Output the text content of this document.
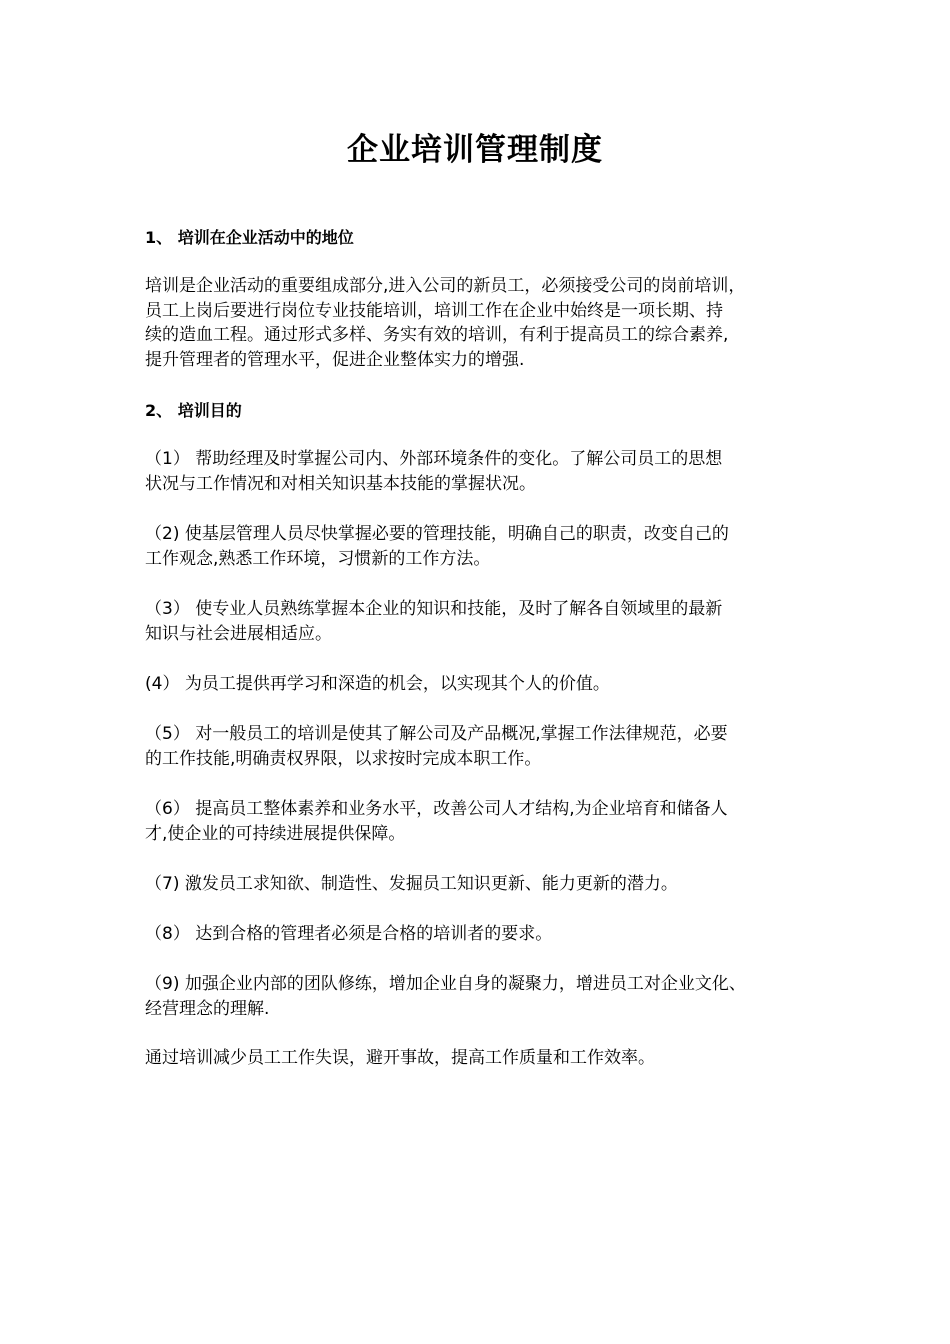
企业培训管理制度
1、 培训在企业活动中的地位
培训是企业活动的重要组成部分,进入公司的新员工，必须接受公司的岗前培训，
员工上岗后要进行岗位专业技能培训，培训工作在企业中始终是一项长期、持
续的造血工程。通过形式多样、务实有效的培训，有利于提高员工的综合素养,
提升管理者的管理水平，促进企业整体实力的增强.
2、 培训目的
（1） 帮助经理及时掌握公司内、外部环境条件的变化。了解公司员工的思想
状况与工作情况和对相关知识基本技能的掌握状况。
（2) 使基层管理人员尽快掌握必要的管理技能，明确自己的职责，改变自己的
工作观念,熟悉工作环境，习惯新的工作方法。
（3） 使专业人员熟练掌握本企业的知识和技能，及时了解各自领域里的最新
知识与社会进展相适应。
(4） 为员工提供再学习和深造的机会，以实现其个人的价值。
（5） 对一般员工的培训是使其了解公司及产品概况,掌握工作法律规范，必要
的工作技能,明确责权界限，以求按时完成本职工作。
（6） 提高员工整体素养和业务水平，改善公司人才结构,为企业培育和储备人
才,使企业的可持续进展提供保障。
（7) 激发员工求知欲、制造性、发掘员工知识更新、能力更新的潜力。
（8） 达到合格的管理者必须是合格的培训者的要求。
（9) 加强企业内部的团队修练，增加企业自身的凝聚力，增进员工对企业文化、
经营理念的理解.
通过培训减少员工工作失误，避开事故，提高工作质量和工作效率。
